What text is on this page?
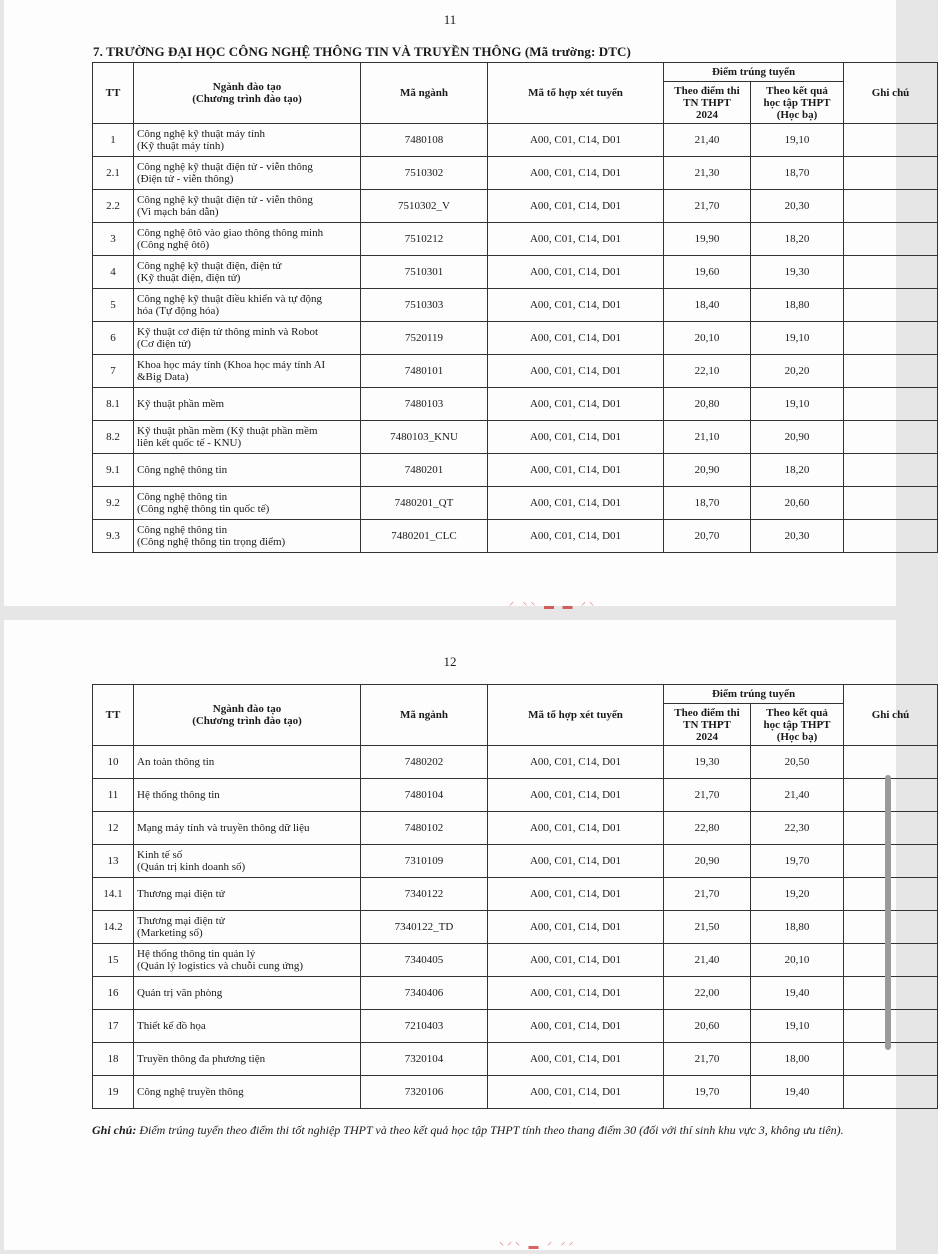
11
7. TRƯỜNG ĐẠI HỌC CÔNG NGHỆ THÔNG TIN VÀ TRUYỀN THÔNG (Mã trường: DTC)
TT	Ngành đào tạo
(Chương trình đào tạo)	Mã ngành	Mã tổ hợp xét tuyển	Điểm trúng tuyển		Ghi chú
				Theo điểm thi
TN THPT
2024	Theo kết quả
học tập THPT
(Học bạ)	
1	Công nghệ kỹ thuật máy tính
(Kỹ thuật máy tính)	7480108	A00, C01, C14, D01	21,40	19,10	
2.1	Công nghệ kỹ thuật điện tử - viễn thông
(Điện tử - viễn thông)	7510302	A00, C01, C14, D01	21,30	18,70	
2.2	Công nghệ kỹ thuật điện tử - viễn thông
(Vi mạch bán dẫn)	7510302_V	A00, C01, C14, D01	21,70	20,30	
3	Công nghệ ôtô vào giao thông thông minh
(Công nghệ ôtô)	7510212	A00, C01, C14, D01	19,90	18,20	
4	Công nghệ kỹ thuật điện, điện tử
(Kỹ thuật điện, điện tử)	7510301	A00, C01, C14, D01	19,60	19,30	
5	Công nghệ kỹ thuật điều khiển và tự động
hóa (Tự động hóa)	7510303	A00, C01, C14, D01	18,40	18,80	
6	Kỹ thuật cơ điện tử thông minh và Robot
(Cơ điện tử)	7520119	A00, C01, C14, D01	20,10	19,10	
7	Khoa học máy tính (Khoa học máy tính AI
&Big Data)	7480101	A00, C01, C14, D01	22,10	20,20	
8.1	Kỹ thuật phần mềm	7480103	A00, C01, C14, D01	20,80	19,10	
8.2	Kỹ thuật phần mềm (Kỹ thuật phần mềm
liên kết quốc tế - KNU)	7480103_KNU	A00, C01, C14, D01	21,10	20,90	
9.1	Công nghệ thông tin	7480201	A00, C01, C14, D01	20,90	18,20	
9.2	Công nghệ thông tin
(Công nghệ thông tin quốc tế)	7480201_QT	A00, C01, C14, D01	18,70	20,60	
9.3	Công nghệ thông tin
(Công nghệ thông tin trọng điểm)	7480201_CLC	A00, C01, C14, D01	20,70	20,30	
⸍ ⸌⸌ ▬ ▬ ⸍⸌
12
TT	Ngành đào tạo
(Chương trình đào tạo)	Mã ngành	Mã tổ hợp xét tuyển	Điểm trúng tuyển		Ghi chú
				Theo điểm thi
TN THPT
2024	Theo kết quả
học tập THPT
(Học bạ)	
10	An toàn thông tin	7480202	A00, C01, C14, D01	19,30	20,50	
11	Hệ thống thông tin	7480104	A00, C01, C14, D01	21,70	21,40	
12	Mạng máy tính và truyền thông dữ liệu	7480102	A00, C01, C14, D01	22,80	22,30	
13	Kinh tế số
(Quản trị kinh doanh số)	7310109	A00, C01, C14, D01	20,90	19,70	
14.1	Thương mại điện tử	7340122	A00, C01, C14, D01	21,70	19,20	
14.2	Thương mại điện tử
(Marketing số)	7340122_TD	A00, C01, C14, D01	21,50	18,80	
15	Hệ thống thông tin quản lý
(Quản lý logistics và chuỗi cung ứng)	7340405	A00, C01, C14, D01	21,40	20,10	
16	Quản trị văn phòng	7340406	A00, C01, C14, D01	22,00	19,40	
17	Thiết kế đồ họa	7210403	A00, C01, C14, D01	20,60	19,10	
18	Truyền thông đa phương tiện	7320104	A00, C01, C14, D01	21,70	18,00	
19	Công nghệ truyền thông	7320106	A00, C01, C14, D01	19,70	19,40	
Ghi chú: Điểm trúng tuyển theo điểm thi tốt nghiệp THPT và theo kết quả học tập THPT tính theo thang điểm 30 (đối với thí sinh khu vực 3, không ưu tiên).
⸌⸍⸌ ▬ ⸍ ⸍⸍
